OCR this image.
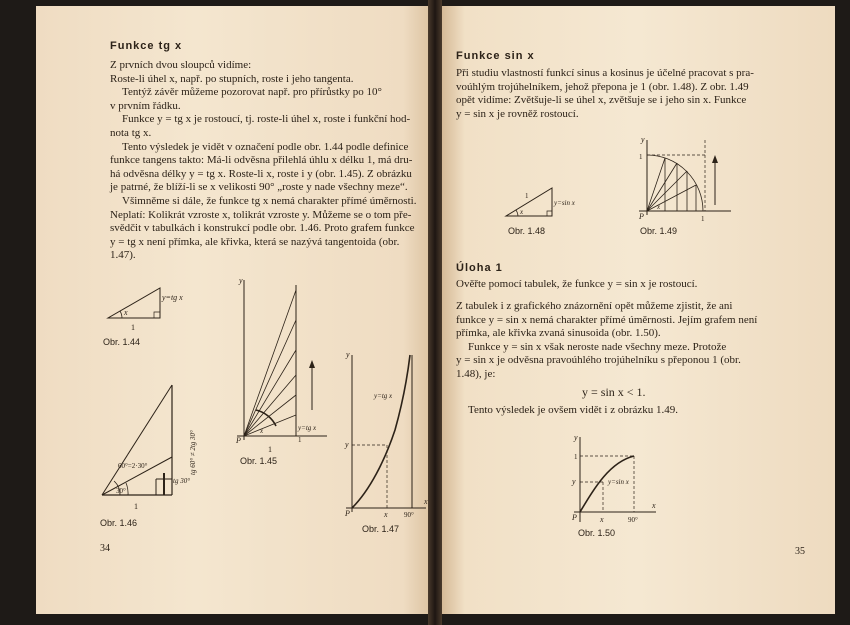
Funkce tg x
Z prvních dvou sloupců vidíme:
Roste-li úhel x, např. po stupních, roste i jeho tangenta.
Tentýž závěr můžeme pozorovat např. pro přírůstky po 10°
v prvním řádku.
Funkce y = tg x je rostoucí, tj. roste-li úhel x, roste i funkční hod-
nota tg x.
Tento výsledek je vidět v označení podle obr. 1.44 podle definice
funkce tangens takto: Má-li odvěsna přilehlá úhlu x délku 1, má dru-
há odvěsna délky y = tg x. Roste-li x, roste i y (obr. 1.45). Z obrázku
je patrné, že blíží-li se x velikosti 90° „roste y nade všechny meze“.
Všimněme si dále, že funkce tg x nemá charakter přímé úměrnosti.
Neplatí: Kolikrát vzroste x, tolikrát vzroste y. Můžeme se o tom pře-
svědčit v tabulkách i konstrukcí podle obr. 1.46. Proto grafem funkce
y = tg x není přímka, ale křivka, která se nazývá tangentoida (obr.
1.47).
x
y=tg x
1
Obr. 1.44
y
P
x	y=tg x
1
1
Obr. 1.45
60°=2·30°
30°
tg 30°
tg 60° ≠ 2tg 30°
1
Obr. 1.46
y
y=tg x
y
P	x 90°
x
Obr. 1.47
34
Funkce sin x
Při studiu vlastností funkcí sinus a kosinus je účelné pracovat s pra-
voúhlým trojúhelníkem, jehož přepona je 1 (obr. 1.48). Z obr. 1.49
opět vidíme: Zvětšuje-li se úhel x, zvětšuje se i jeho sin x. Funkce
y = sin x je rovněž rostoucí.
x
y=sin x
1
Obr. 1.48
y
1
P
x
1
Obr. 1.49
Úloha 1
Ověřte pomocí tabulek, že funkce y = sin x je rostoucí.
Z tabulek i z grafického znázornění opět můžeme zjistit, že ani
funkce y = sin x nemá charakter přímé úměrnosti. Jejím grafem není
přímka, ale křivka zvaná sinusoida (obr. 1.50).
Funkce y = sin x však neroste nade všechny meze. Protože
y = sin x je odvěsna pravoúhlého trojúhelníku s přeponou 1 (obr.
1.48), je:
y = sin x < 1.
Tento výsledek je ovšem vidět i z obrázku 1.49.
y
1
y	y=sin x
P	x	90°
x
Obr. 1.50
35
